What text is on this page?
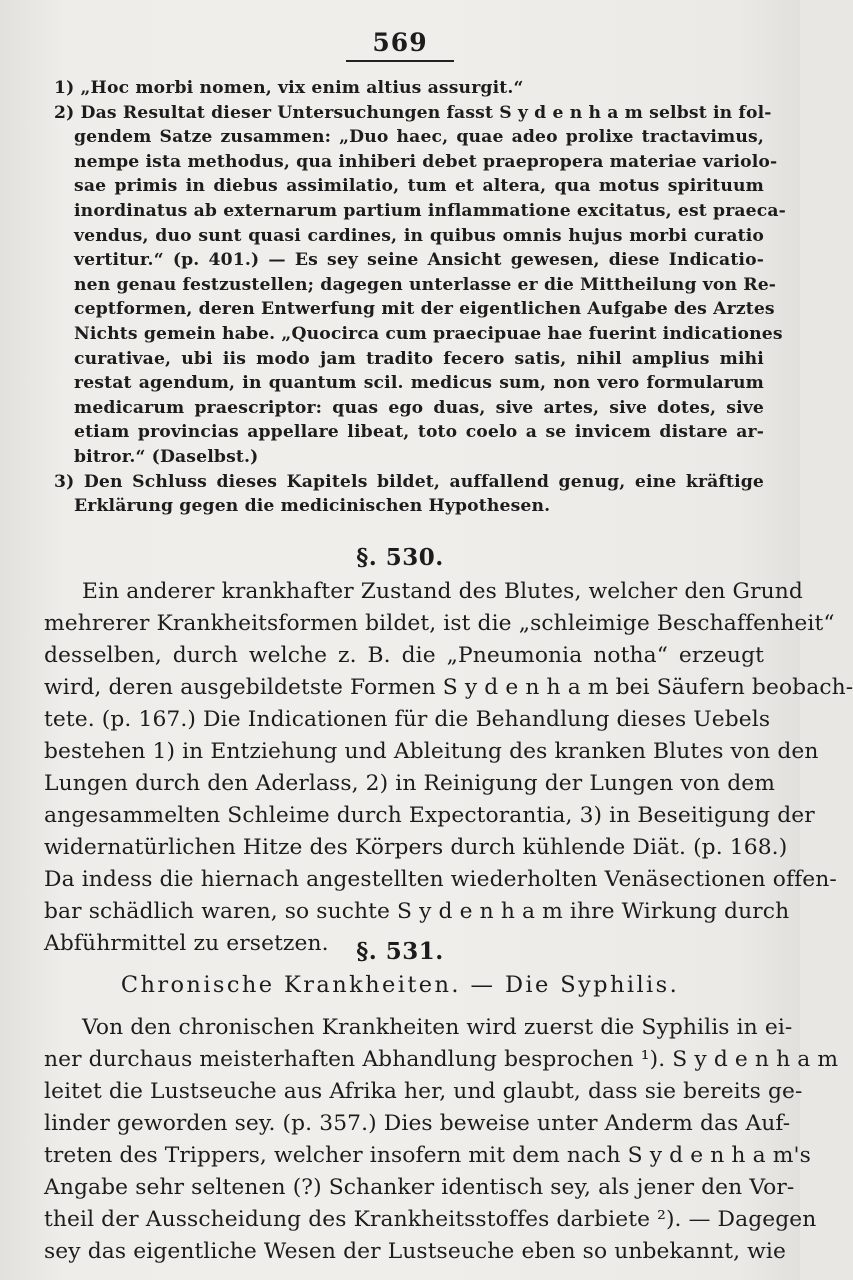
569
1) „Hoc morbi nomen, vix enim altius assurgit.“
2) Das Resultat dieser Untersuchungen fasst S y d e n h a m selbst in fol-
gendem Satze zusammen: „Duo haec, quae adeo prolixe tractavimus,
nempe ista methodus, qua inhiberi debet praepropera materiae variolo-
sae primis in diebus assimilatio, tum et altera, qua motus spirituum
inordinatus ab externarum partium inflammatione excitatus, est praeca-
vendus, duo sunt quasi cardines, in quibus omnis hujus morbi curatio
vertitur.“ (p. 401.) — Es sey seine Ansicht gewesen, diese Indicatio-
nen genau festzustellen; dagegen unterlasse er die Mittheilung von Re-
ceptformen, deren Entwerfung mit der eigentlichen Aufgabe des Arztes
Nichts gemein habe. „Quocirca cum praecipuae hae fuerint indicationes
curativae, ubi iis modo jam tradito fecero satis, nihil amplius mihi
restat agendum, in quantum scil. medicus sum, non vero formularum
medicarum praescriptor: quas ego duas, sive artes, sive dotes, sive
etiam provincias appellare libeat, toto coelo a se invicem distare ar-
bitror.“ (Daselbst.)
3) Den Schluss dieses Kapitels bildet, auffallend genug, eine kräftige
Erklärung gegen die medicinischen Hypothesen.
§. 530.
Ein anderer krankhafter Zustand des Blutes, welcher den Grund
mehrerer Krankheitsformen bildet, ist die „schleimige Beschaffenheit“
desselben, durch welche z. B. die „Pneumonia notha“ erzeugt
wird, deren ausgebildetste Formen S y d e n h a m bei Säufern beobach-
tete. (p. 167.) Die Indicationen für die Behandlung dieses Uebels
bestehen 1) in Entziehung und Ableitung des kranken Blutes von den
Lungen durch den Aderlass, 2) in Reinigung der Lungen von dem
angesammelten Schleime durch Expectorantia, 3) in Beseitigung der
widernatürlichen Hitze des Körpers durch kühlende Diät. (p. 168.)
Da indess die hiernach angestellten wiederholten Venäsectionen offen-
bar schädlich waren, so suchte S y d e n h a m ihre Wirkung durch
Abführmittel zu ersetzen.	§. 531.
Chronische Krankheiten. — Die Syphilis.
Von den chronischen Krankheiten wird zuerst die Syphilis in ei-
ner durchaus meisterhaften Abhandlung besprochen ¹). S y d e n h a m
leitet die Lustseuche aus Afrika her, und glaubt, dass sie bereits ge-
linder geworden sey. (p. 357.) Dies beweise unter Anderm das Auf-
treten des Trippers, welcher insofern mit dem nach S y d e n h a m's
Angabe sehr seltenen (?) Schanker identisch sey, als jener den Vor-
theil der Ausscheidung des Krankheitsstoffes darbiete ²). — Dagegen
sey das eigentliche Wesen der Lustseuche eben so unbekannt, wie
